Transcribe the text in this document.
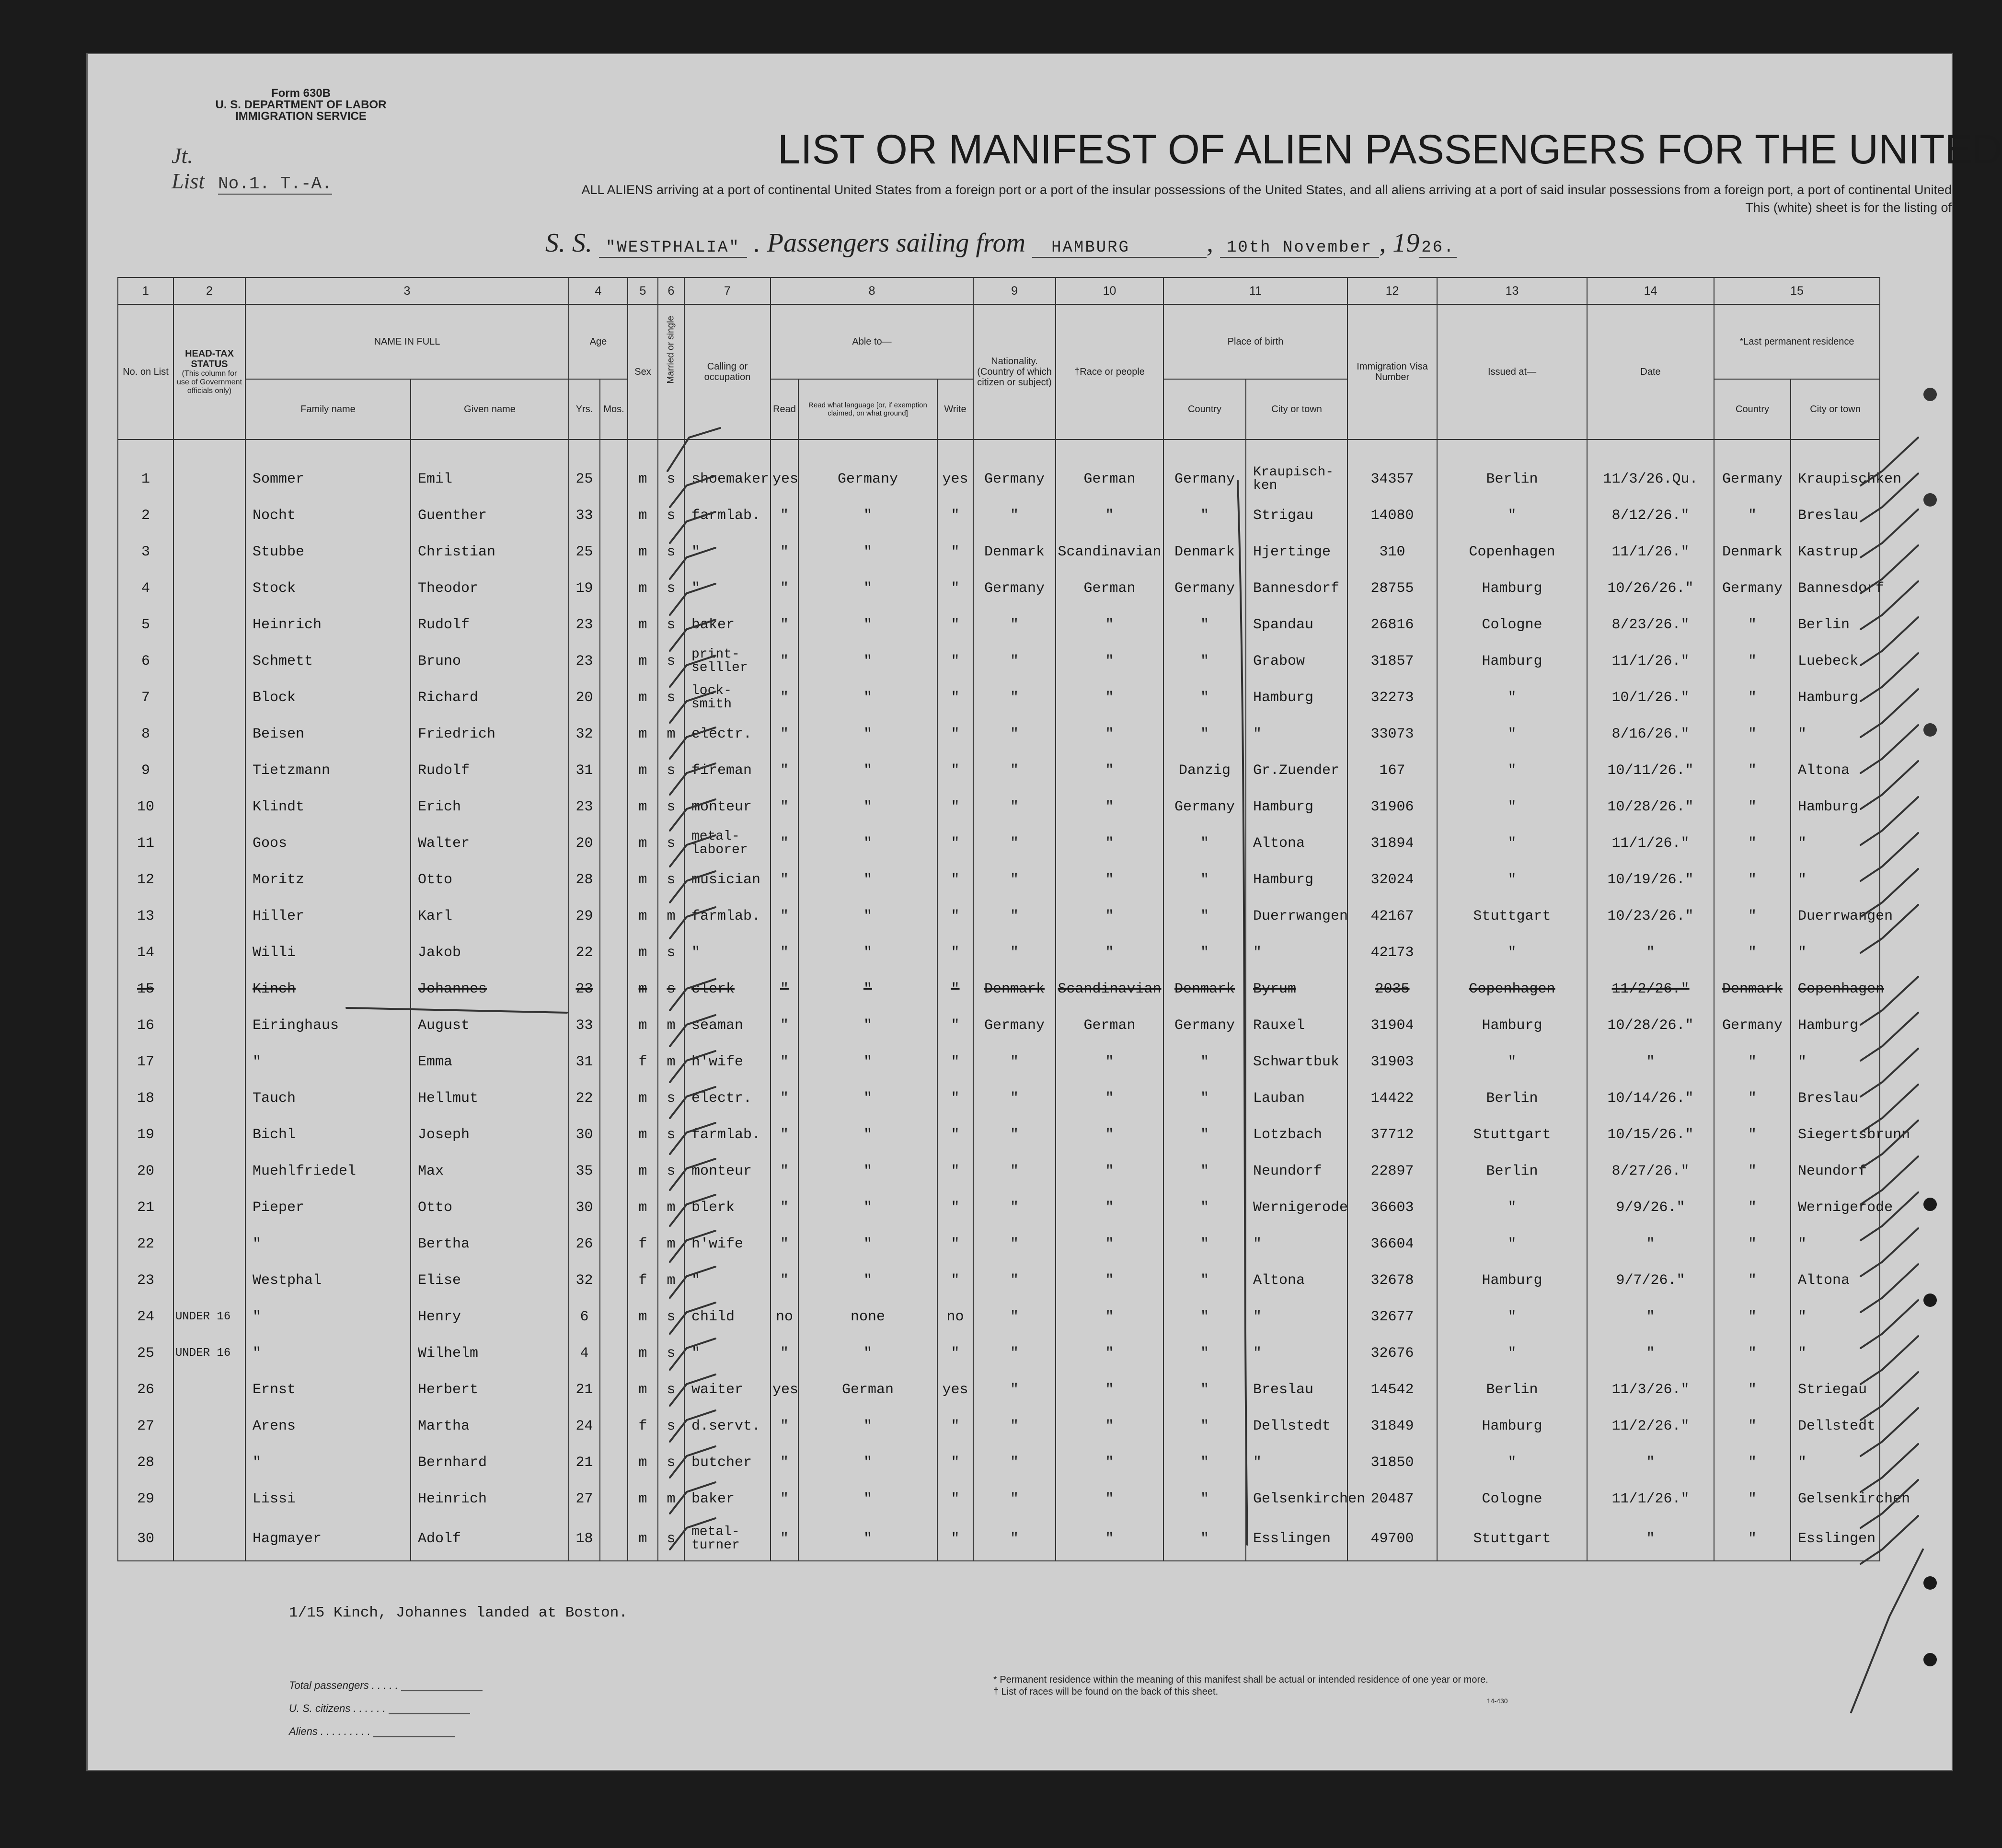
Form 630B
U. S. DEPARTMENT OF LABOR
IMMIGRATION SERVICE
Jt.
List No.1. T.-A.
LIST OR MANIFEST OF ALIEN PASSENGERS FOR THE UNITED
ALL ALIENS arriving at a port of continental United States from a foreign port or a port of the insular possessions of the United States, and all aliens arriving at a port of said insular possessions from a foreign port, a port of continental United
This (white) sheet is for the listing of
S. S. "WESTPHALIA" . Passengers sailing from HAMBURG	, 10th November , 19 26.
1	2	3		4		5	6	7	8			9	10	11		12	13	14	15	
No. on List	HEAD-TAX STATUS
(This column for use of Government officials only)	NAME IN FULL		Age		Sex	Married or single	Calling or occupation	Able to—			Nationality. (Country of which citizen or subject)	†Race or people	Place of birth		Immigration Visa Number	Issued at—	Date	*Last permanent residence	
		Family name	Given name	Yrs.	Mos.				Read	Read what language [or, if exemption claimed, on what ground]	Write			Country	City or town				Country	City or town

1		Sommer	Emil	25		m	s	shoemaker	yes	Germany	yes	Germany	German	Germany	Kraupisch-ken	34357	Berlin	11/3/26.Qu.	Germany	Kraupischken
2		Nocht	Guenther	33		m	s	farmlab.	"	"	"	"	"	"	Strigau	14080	"	8/12/26."	"	Breslau
3		Stubbe	Christian	25		m	s	"	"	"	"	Denmark	Scandinavian	Denmark	Hjertinge	310	Copenhagen	11/1/26."	Denmark	Kastrup
4		Stock	Theodor	19		m	s	"	"	"	"	Germany	German	Germany	Bannesdorf	28755	Hamburg	10/26/26."	Germany	Bannesdorf
5		Heinrich	Rudolf	23		m	s	baker	"	"	"	"	"	"	Spandau	26816	Cologne	8/23/26."	"	Berlin
6		Schmett	Bruno	23		m	s	print-selller	"	"	"	"	"	"	Grabow	31857	Hamburg	11/1/26."	"	Luebeck
7		Block	Richard	20		m	s	lock-smith	"	"	"	"	"	"	Hamburg	32273	"	10/1/26."	"	Hamburg
8		Beisen	Friedrich	32		m	m	electr.	"	"	"	"	"	"	"	33073	"	8/16/26."	"	"
9		Tietzmann	Rudolf	31		m	s	fireman	"	"	"	"	"	Danzig	Gr.Zuender	167	"	10/11/26."	"	Altona
10		Klindt	Erich	23		m	s	monteur	"	"	"	"	"	Germany	Hamburg	31906	"	10/28/26."	"	Hamburg
11		Goos	Walter	20		m	s	metal-laborer	"	"	"	"	"	"	Altona	31894	"	11/1/26."	"	"
12		Moritz	Otto	28		m	s	musician	"	"	"	"	"	"	Hamburg	32024	"	10/19/26."	"	"
13		Hiller	Karl	29		m	m	farmlab.	"	"	"	"	"	"	Duerrwangen	42167	Stuttgart	10/23/26."	"	Duerrwangen
14		Willi	Jakob	22		m	s	"	"	"	"	"	"	"	"	42173	"	"	"	"
15		Kinch	Johannes	23		m	s	clerk	"	"	"	Denmark	Scandinavian	Denmark	Byrum	2035	Copenhagen	11/2/26."	Denmark	Copenhagen
16		Eiringhaus	August	33		m	m	seaman	"	"	"	Germany	German	Germany	Rauxel	31904	Hamburg	10/28/26."	Germany	Hamburg
17		"	Emma	31		f	m	h'wife	"	"	"	"	"	"	Schwartbuk	31903	"	"	"	"
18		Tauch	Hellmut	22		m	s	electr.	"	"	"	"	"	"	Lauban	14422	Berlin	10/14/26."	"	Breslau
19		Bichl	Joseph	30		m	s	farmlab.	"	"	"	"	"	"	Lotzbach	37712	Stuttgart	10/15/26."	"	Siegertsbrunn
20		Muehlfriedel	Max	35		m	s	monteur	"	"	"	"	"	"	Neundorf	22897	Berlin	8/27/26."	"	Neundorf
21		Pieper	Otto	30		m	m	blerk	"	"	"	"	"	"	Wernigerode	36603	"	9/9/26."	"	Wernigerode
22		"	Bertha	26		f	m	h'wife	"	"	"	"	"	"	"	36604	"	"	"	"
23		Westphal	Elise	32		f	m	"	"	"	"	"	"	"	Altona	32678	Hamburg	9/7/26."	"	Altona
24	UNDER 16	"	Henry	6		m	s	child	no	none	no	"	"	"	"	32677	"	"	"	"
25	UNDER 16	"	Wilhelm	4		m	s	"	"	"	"	"	"	"	"	32676	"	"	"	"
26		Ernst	Herbert	21		m	s	waiter	yes	German	yes	"	"	"	Breslau	14542	Berlin	11/3/26."	"	Striegau
27		Arens	Martha	24		f	s	d.servt.	"	"	"	"	"	"	Dellstedt	31849	Hamburg	11/2/26."	"	Dellstedt
28		"	Bernhard	21		m	s	butcher	"	"	"	"	"	"	"	31850	"	"	"	"
29		Lissi	Heinrich	27		m	m	baker	"	"	"	"	"	"	Gelsenkirchen	20487	Cologne	11/1/26."	"	Gelsenkirchen
30		Hagmayer	Adolf	18		m	s	metal-turner	"	"	"	"	"	"	Esslingen	49700	Stuttgart	"	"	Esslingen
1/15 Kinch, Johannes landed at Boston.
Total passengers . . . . .
U. S. citizens . . . . . .
Aliens . . . . . . . . .
* Permanent residence within the meaning of this manifest shall be actual or intended residence of one year or more.
† List of races will be found on the back of this sheet.
14-430
